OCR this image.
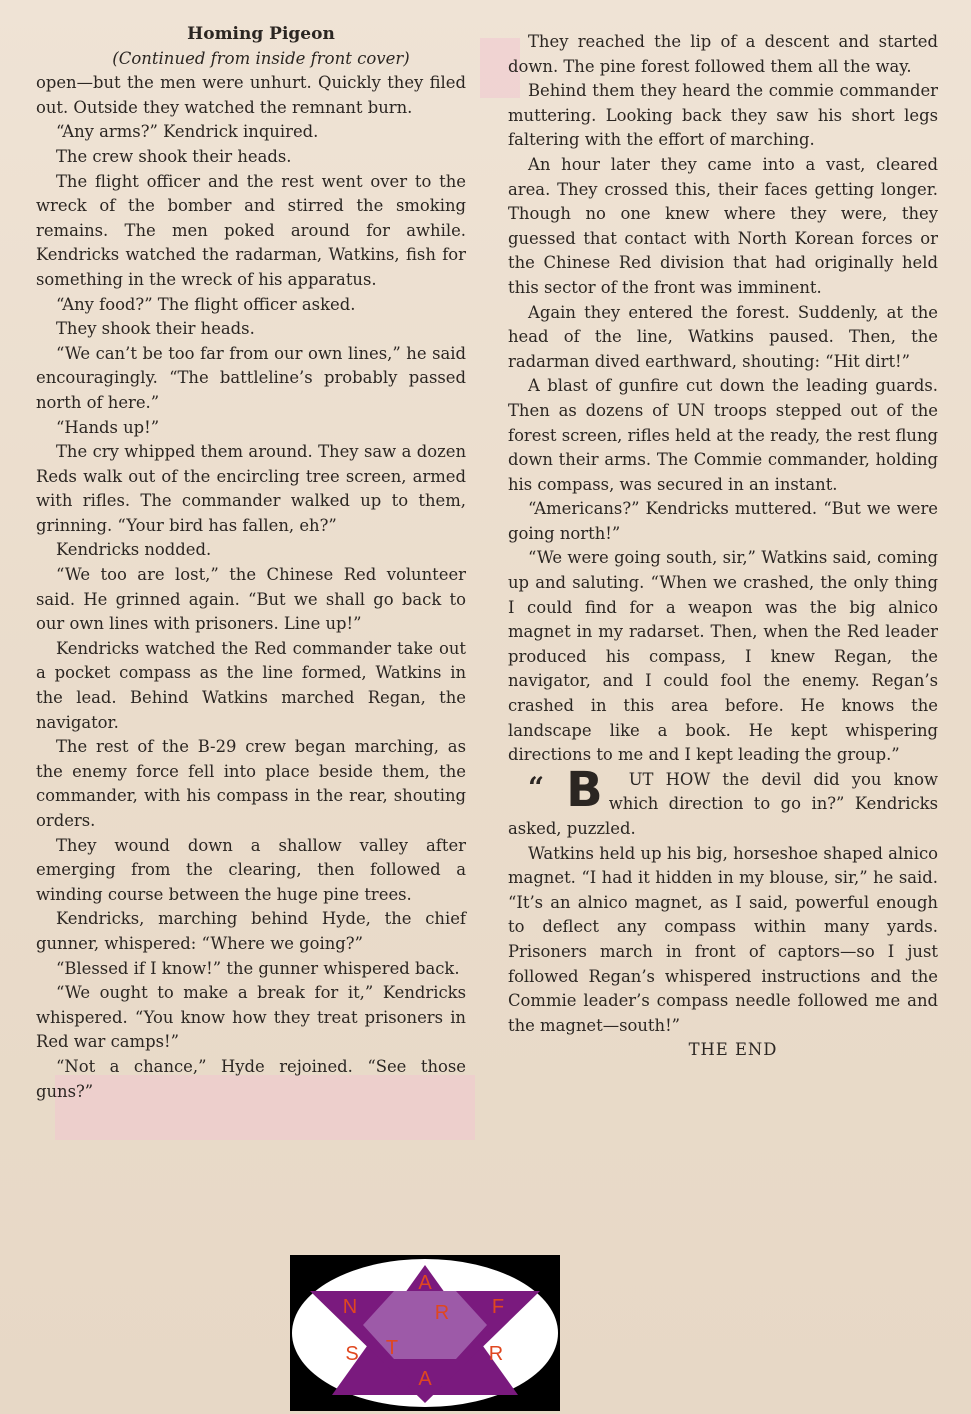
Homing Pigeon

(Continued from inside front cover)

open—but the men were unhurt. Quickly they filed out. Outside they watched the remnant burn.

“Any arms?” Kendrick inquired.

The crew shook their heads.

The flight officer and the rest went over to the wreck of the bomber and stirred the smoking remains. The men poked around for awhile. Kendricks watched the radarman, Watkins, fish for something in the wreck of his apparatus.

“Any food?” The flight officer asked.

They shook their heads.

“We can’t be too far from our own lines,” he said encouragingly. “The battleline’s probably passed north of here.”

“Hands up!”

The cry whipped them around. They saw a dozen Reds walk out of the encircling tree screen, armed with rifles. The commander walked up to them, grinning. “Your bird has fallen, eh?”

Kendricks nodded.

“We too are lost,” the Chinese Red volunteer said. He grinned again. “But we shall go back to our own lines with prisoners. Line up!”

Kendricks watched the Red commander take out a pocket compass as the line formed, Watkins in the lead. Behind Watkins marched Regan, the navigator.

The rest of the B-29 crew began marching, as the enemy force fell into place beside them, the commander, with his compass in the rear, shouting orders.

They wound down a shallow valley after emerging from the clearing, then followed a winding course between the huge pine trees.

Kendricks, marching behind Hyde, the chief gunner, whispered: “Where we going?”

“Blessed if I know!” the gunner whispered back.

“We ought to make a break for it,” Kendricks whispered. “You know how they treat prisoners in Red war camps!”

“Not a chance,” Hyde rejoined. “See those guns?”

They reached the lip of a descent and started down. The pine forest followed them all the way.

Behind them they heard the commie commander muttering. Looking back they saw his short legs faltering with the effort of marching.

An hour later they came into a vast, cleared area. They crossed this, their faces getting longer. Though no one knew where they were, they guessed that contact with North Korean forces or the Chinese Red division that had originally held this sector of the front was imminent.

Again they entered the forest. Suddenly, at the head of the line, Watkins paused. Then, the radarman dived earthward, shouting: “Hit dirt!”

A blast of gunfire cut down the leading guards. Then as dozens of UN troops stepped out of the forest screen, rifles held at the ready, the rest flung down their arms. The Commie commander, holding his compass, was secured in an instant.

“Americans?” Kendricks muttered. “But we were going north!”

“We were going south, sir,” Watkins said, coming up and saluting. “When we crashed, the only thing I could find for a weapon was the big alnico magnet in my radarset. Then, when the Red leader produced his compass, I knew Regan, the navigator, and I could fool the enemy. Regan’s crashed in this area before. He knows the landscape like a book. He kept whispering directions to me and I kept leading the group.”

“ B UT HOW the devil did you know which direction to go in?” Kendricks asked, puzzled.

Watkins held up his big, horseshoe shaped alnico magnet. “I had it hidden in my blouse, sir,” he said. “It’s an alnico magnet, as I said, powerful enough to deflect any compass within many yards. Prisoners march in front of captors—so I just followed Regan’s whispered instructions and the Commie leader’s compass needle followed me and the magnet—south!”

THE END

A
N	R F
S T	R
A
